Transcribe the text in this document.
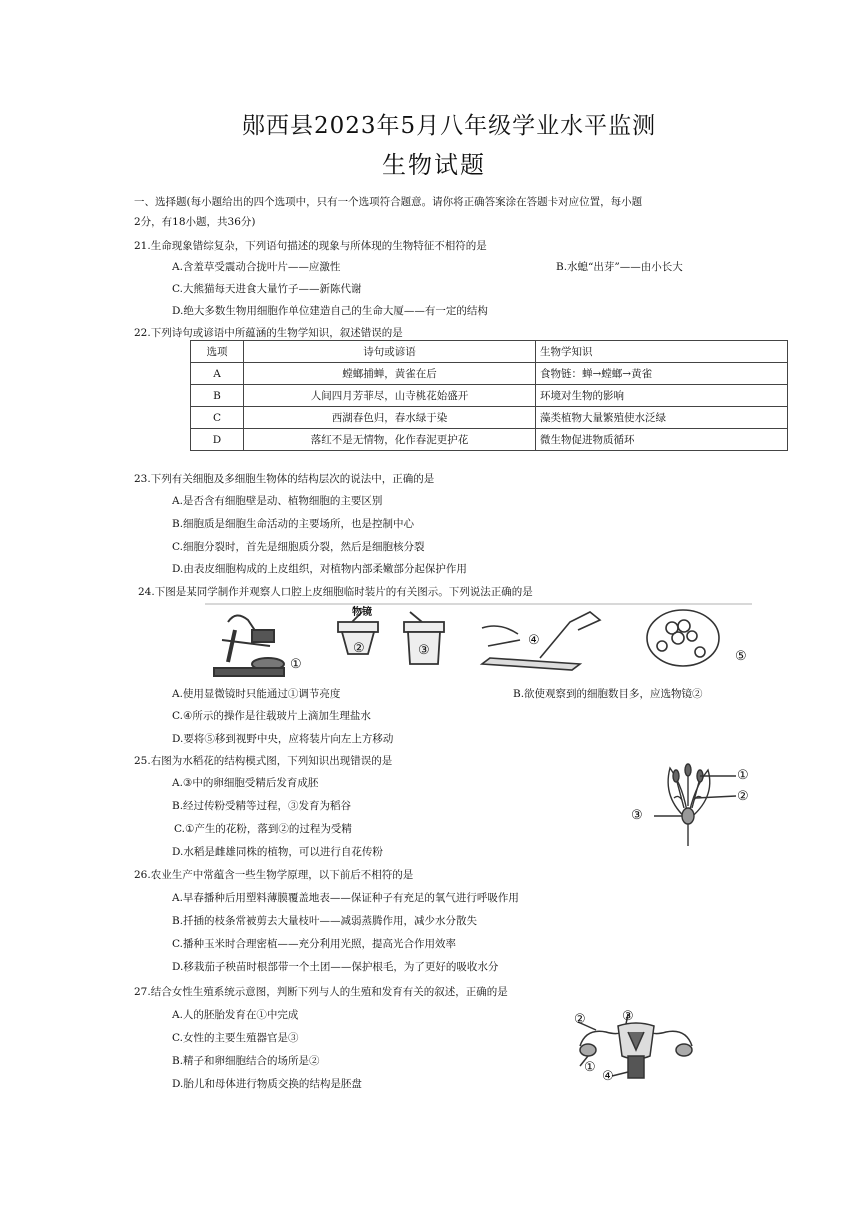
郧西县2023年5月八年级学业水平监测
生物试题
一、选择题(每小题给出的四个选项中，只有一个选项符合题意。请你将正确答案涂在答题卡对应位置，每小题
2分，有18小题，共36分)
21.生命现象错综复杂，下列语句描述的现象与所体现的生物特征不相符的是
A.含羞草受震动合拢叶片——应激性	B.水螅“出芽”——由小长大
C.大熊猫每天进食大量竹子——新陈代谢
D.绝大多数生物用细胞作单位建造自己的生命大厦——有一定的结构
22.下列诗句或谚语中所蕴涵的生物学知识，叙述错误的是
选项	诗句或谚语	生物学知识
A	螳螂捕蝉，黄雀在后	食物链：蝉→螳螂→黄雀
B	人间四月芳菲尽，山寺桃花始盛开	环境对生物的影响
C	西湖春色归，春水绿于染	藻类植物大量繁殖使水泛绿
D	落红不是无情物，化作春泥更护花	微生物促进物质循环
23.下列有关细胞及多细胞生物体的结构层次的说法中，正确的是
A.是否含有细胞壁是动、植物细胞的主要区别
B.细胞质是细胞生命活动的主要场所，也是控制中心
C.细胞分裂时，首先是细胞质分裂，然后是细胞核分裂
D.由表皮细胞构成的上皮组织，对植物内部柔嫩部分起保护作用
24.下图是某同学制作并观察人口腔上皮细胞临时装片的有关图示。下列说法正确的是
物镜
①
②	③
④
⑤
A.使用显微镜时只能通过①调节亮度	B.欲使观察到的细胞数目多，应选物镜②
C.④所示的操作是往载玻片上滴加生理盐水
D.要将⑤移到视野中央，应将装片向左上方移动
25.右图为水稻花的结构模式图，下列知识出现错误的是
A.③中的卵细胞受精后发育成胚
B.经过传粉受精等过程，③发育为稻谷
C.①产生的花粉，落到②的过程为受精
D.水稻是雌雄同株的植物，可以进行自花传粉
①
②
③
26.农业生产中常蕴含一些生物学原理，以下前后不相符的是
A.早春播种后用塑料薄膜覆盖地表——保证种子有充足的氧气进行呼吸作用
B.扦插的枝条常被剪去大量枝叶——减弱蒸腾作用，减少水分散失
C.播种玉米时合理密植——充分利用光照，提高光合作用效率
D.移栽茄子秧苗时根部带一个土团——保护根毛，为了更好的吸收水分
27.结合女性生殖系统示意图，判断下列与人的生殖和发育有关的叙述，正确的是
A.人的胚胎发育在①中完成
C.女性的主要生殖器官是③
B.精子和卵细胞结合的场所是②
D.胎儿和母体进行物质交换的结构是胚盘
②	③
①
④
